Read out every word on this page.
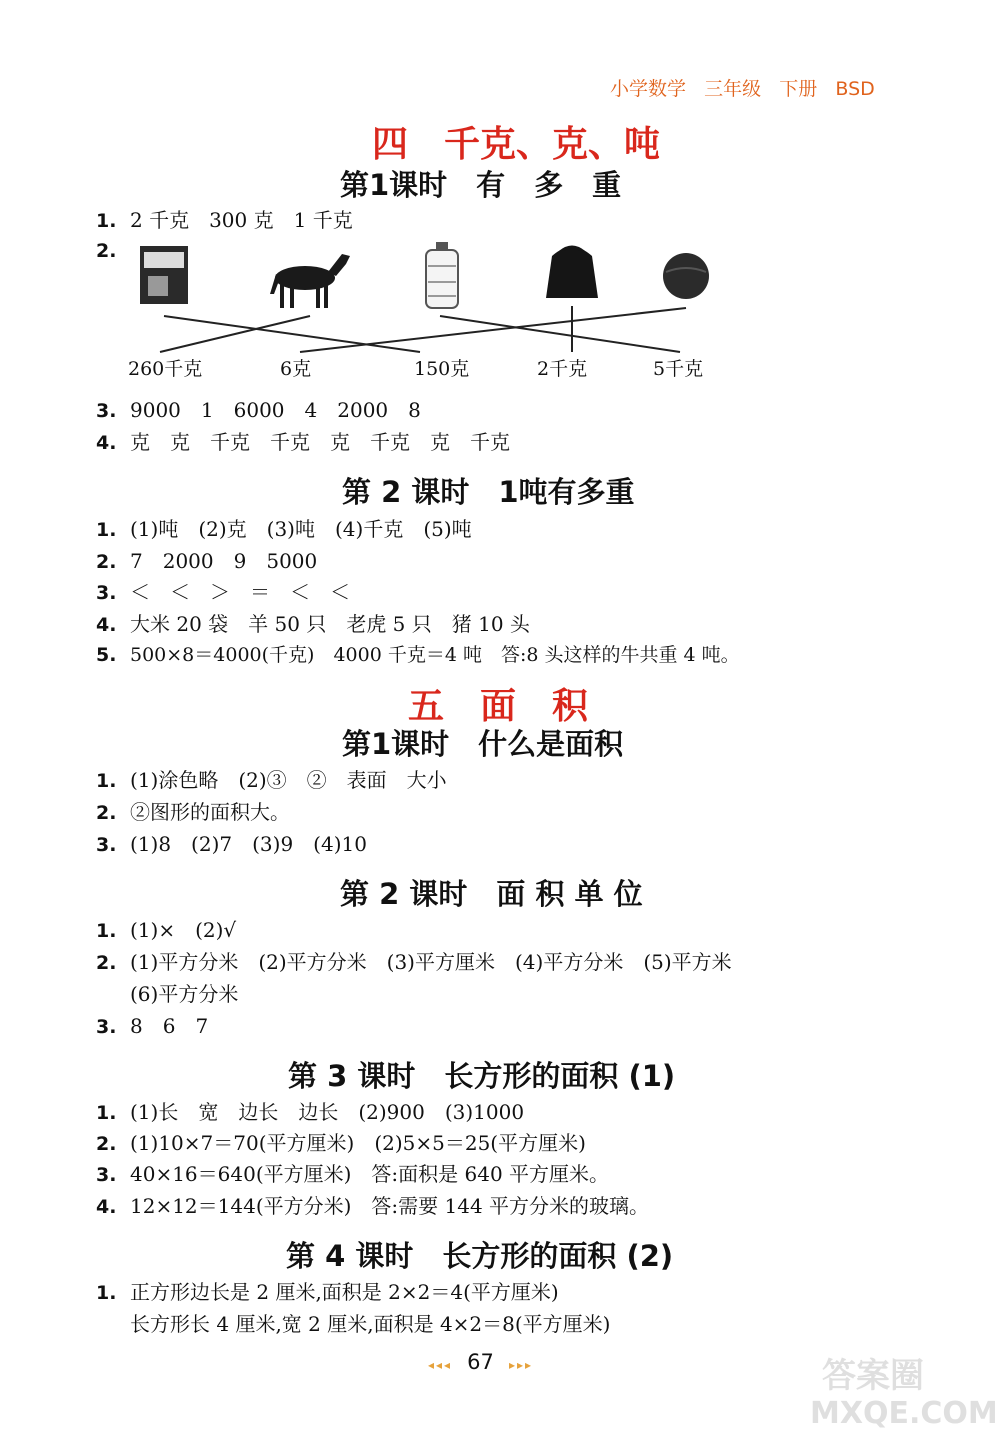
小学数学 三年级 下册 BSD
四　千克、克、吨
第1课时　有　多　重
1. 2 千克　300 克　1 千克
2.
260千克	6克	150克	2千克	5千克
3. 9000　1　6000　4　2000　8
4. 克　克　千克　千克　克　千克　克　千克
第 2 课时　1吨有多重
1. (1)吨　(2)克　(3)吨　(4)千克　(5)吨
2. 7　2000　9　5000
3. ＜　＜　＞　＝　＜　＜
4. 大米 20 袋　羊 50 只　老虎 5 只　猪 10 头
5. 500×8＝4000(千克)　4000 千克＝4 吨　答:8 头这样的牛共重 4 吨。
五　面　积
第1课时　什么是面积
1. (1)涂色略　(2)③　②　表面　大小
2. ②图形的面积大。
3. (1)8　(2)7　(3)9　(4)10
第 2 课时　面 积 单 位
1. (1)×　(2)√
2. (1)平方分米　(2)平方分米　(3)平方厘米　(4)平方分米　(5)平方米
(6)平方分米
3. 8　6　7
第 3 课时　长方形的面积 (1)
1. (1)长　宽　边长　边长　(2)900　(3)1000
2. (1)10×7＝70(平方厘米)　(2)5×5＝25(平方厘米)
3. 40×16＝640(平方厘米)　答:面积是 640 平方厘米。
4. 12×12＝144(平方分米)　答:需要 144 平方分米的玻璃。
第 4 课时　长方形的面积 (2)
1. 正方形边长是 2 厘米,面积是 2×2＝4(平方厘米)
长方形长 4 厘米,宽 2 厘米,面积是 4×2＝8(平方厘米)
◂◂◂ 67 ▸▸▸	答案圈
MXQE.COM
